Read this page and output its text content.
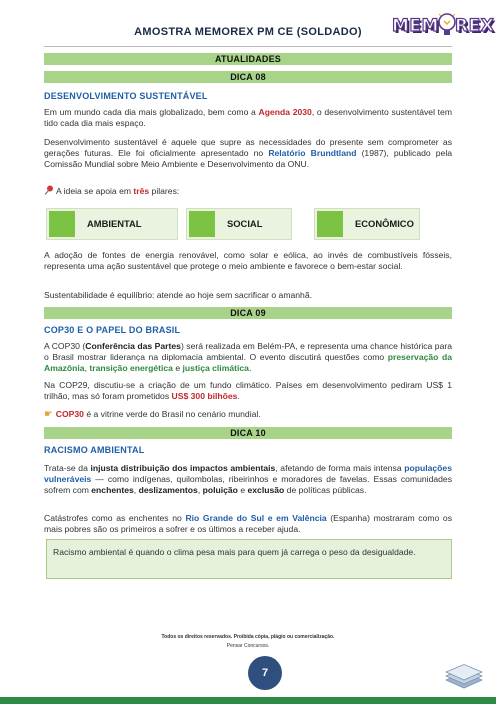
AMOSTRA MEMOREX PM CE (SOLDADO)	MEM REX
ATUALIDADES
DICA 08
DESENVOLVIMENTO SUSTENTÁVEL
Em um mundo cada dia mais globalizado, bem como a Agenda 2030, o desenvolvimento sustentável tem tido cada dia mais espaço.
Desenvolvimento sustentável é aquele que supre as necessidades do presente sem comprometer as gerações futuras. Ele foi oficialmente apresentado no Relatório Brundtland (1987), publicado pela Comissão Mundial sobre Meio Ambiente e Desenvolvimento da ONU.
A ideia se apoia em três pilares:
AMBIENTAL	SOCIAL	ECONÔMICO
A adoção de fontes de energia renovável, como solar e eólica, ao invés de combustíveis fósseis, representa uma ação sustentável que protege o meio ambiente e favorece o bem-estar social.
Sustentabilidade é equilíbrio: atende ao hoje sem sacrificar o amanhã.
DICA 09
COP30 E O PAPEL DO BRASIL
A COP30 (Conferência das Partes) será realizada em Belém-PA, e representa uma chance histórica para o Brasil mostrar liderança na diplomacia ambiental. O evento discutirá questões como preservação da Amazônia, transição energética e justiça climática.
Na COP29, discutiu-se a criação de um fundo climático. Países em desenvolvimento pediram US$ 1 trilhão, mas só foram prometidos US$ 300 bilhões.
☛ COP30 é a vitrine verde do Brasil no cenário mundial.
DICA 10
RACISMO AMBIENTAL
Trata-se da injusta distribuição dos impactos ambientais, afetando de forma mais intensa populações vulneráveis — como indígenas, quilombolas, ribeirinhos e moradores de favelas. Essas comunidades sofrem com enchentes, deslizamentos, poluição e exclusão de políticas públicas.
Catástrofes como as enchentes no Rio Grande do Sul e em Valência (Espanha) mostraram como os mais pobres são os primeiros a sofrer e os últimos a receber ajuda.
Racismo ambiental é quando o clima pesa mais para quem já carrega o peso da desigualdade.
Todos os direitos reservados. Proibida cópia, plágio ou comercialização.
Pensar Concursos.
7
